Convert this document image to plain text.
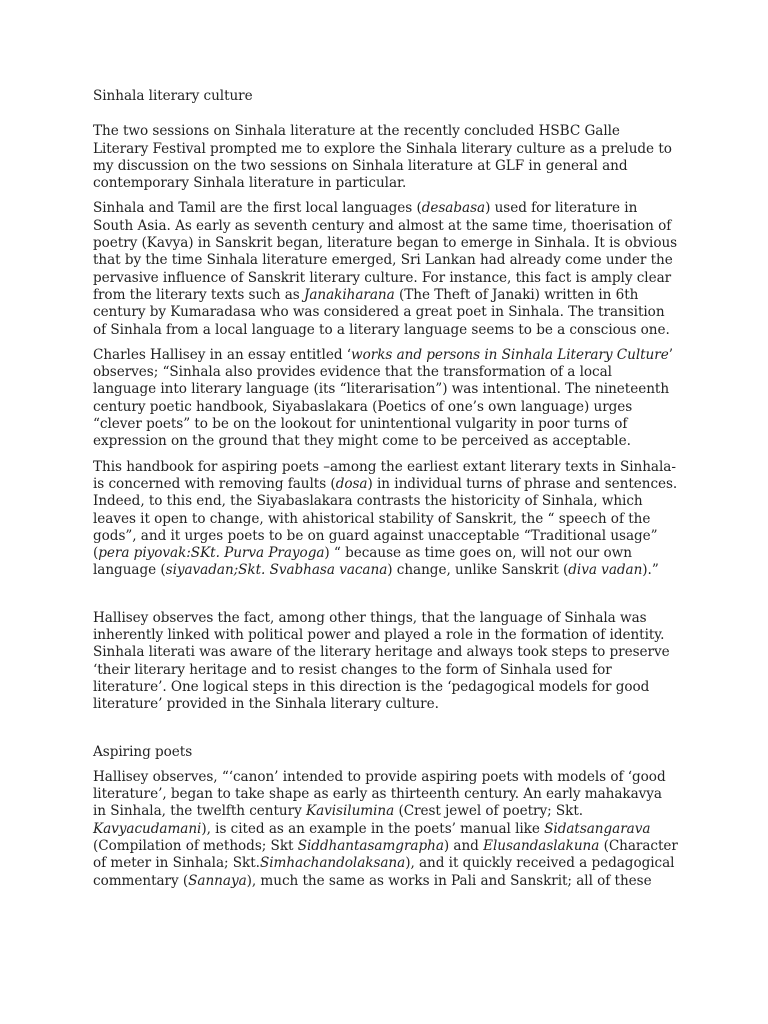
Sinhala literary culture

The two sessions on Sinhala literature at the recently concluded HSBC Galle Literary Festival prompted me to explore the Sinhala literary culture as a prelude to my discussion on the two sessions on Sinhala literature at GLF in general and contemporary Sinhala literature in particular.

Sinhala and Tamil are the first local languages (desabasa) used for literature in South Asia. As early as seventh century and almost at the same time, thoerisation of poetry (Kavya) in Sanskrit began, literature began to emerge in Sinhala. It is obvious that by the time Sinhala literature emerged, Sri Lankan had already come under the pervasive influence of Sanskrit literary culture. For instance, this fact is amply clear from the literary texts such as Janakiharana (The Theft of Janaki) written in 6th century by Kumaradasa who was considered a great poet in Sinhala. The transition of Sinhala from a local language to a literary language seems to be a conscious one.

Charles Hallisey in an essay entitled ‘works and persons in Sinhala Literary Culture’ observes; “Sinhala also provides evidence that the transformation of a local language into literary language (its “literarisation”) was intentional. The nineteenth century poetic handbook, Siyabaslakara (Poetics of one’s own language) urges “clever poets” to be on the lookout for unintentional vulgarity in poor turns of expression on the ground that they might come to be perceived as acceptable.

This handbook for aspiring poets –among the earliest extant literary texts in Sinhala- is concerned with removing faults (dosa) in individual turns of phrase and sentences. Indeed, to this end, the Siyabaslakara contrasts the historicity of Sinhala, which leaves it open to change, with ahistorical stability of Sanskrit, the “ speech of the gods”, and it urges poets to be on guard against unacceptable “Traditional usage” (pera piyovak:SKt. Purva Prayoga) “ because as time goes on, will not our own language (siyavadan;Skt. Svabhasa vacana) change, unlike Sanskrit (diva vadan).”

Hallisey observes the fact, among other things, that the language of Sinhala was inherently linked with political power and played a role in the formation of identity. Sinhala literati was aware of the literary heritage and always took steps to preserve ‘their literary heritage and to resist changes to the form of Sinhala used for literature’. One logical steps in this direction is the ‘pedagogical models for good literature’ provided in the Sinhala literary culture.

Aspiring poets

Hallisey observes, “‘canon’ intended to provide aspiring poets with models of ‘good literature’, began to take shape as early as thirteenth century. An early mahakavya in Sinhala, the twelfth century Kavisilumina (Crest jewel of poetry; Skt. Kavyacudamani), is cited as an example in the poets’ manual like Sidatsangarava (Compilation of methods; Skt Siddhantasamgrapha) and Elusandaslakuna (Character of meter in Sinhala; Skt.Simhachandolaksana), and it quickly received a pedagogical commentary (Sannaya), much the same as works in Pali and Sanskrit; all of these
